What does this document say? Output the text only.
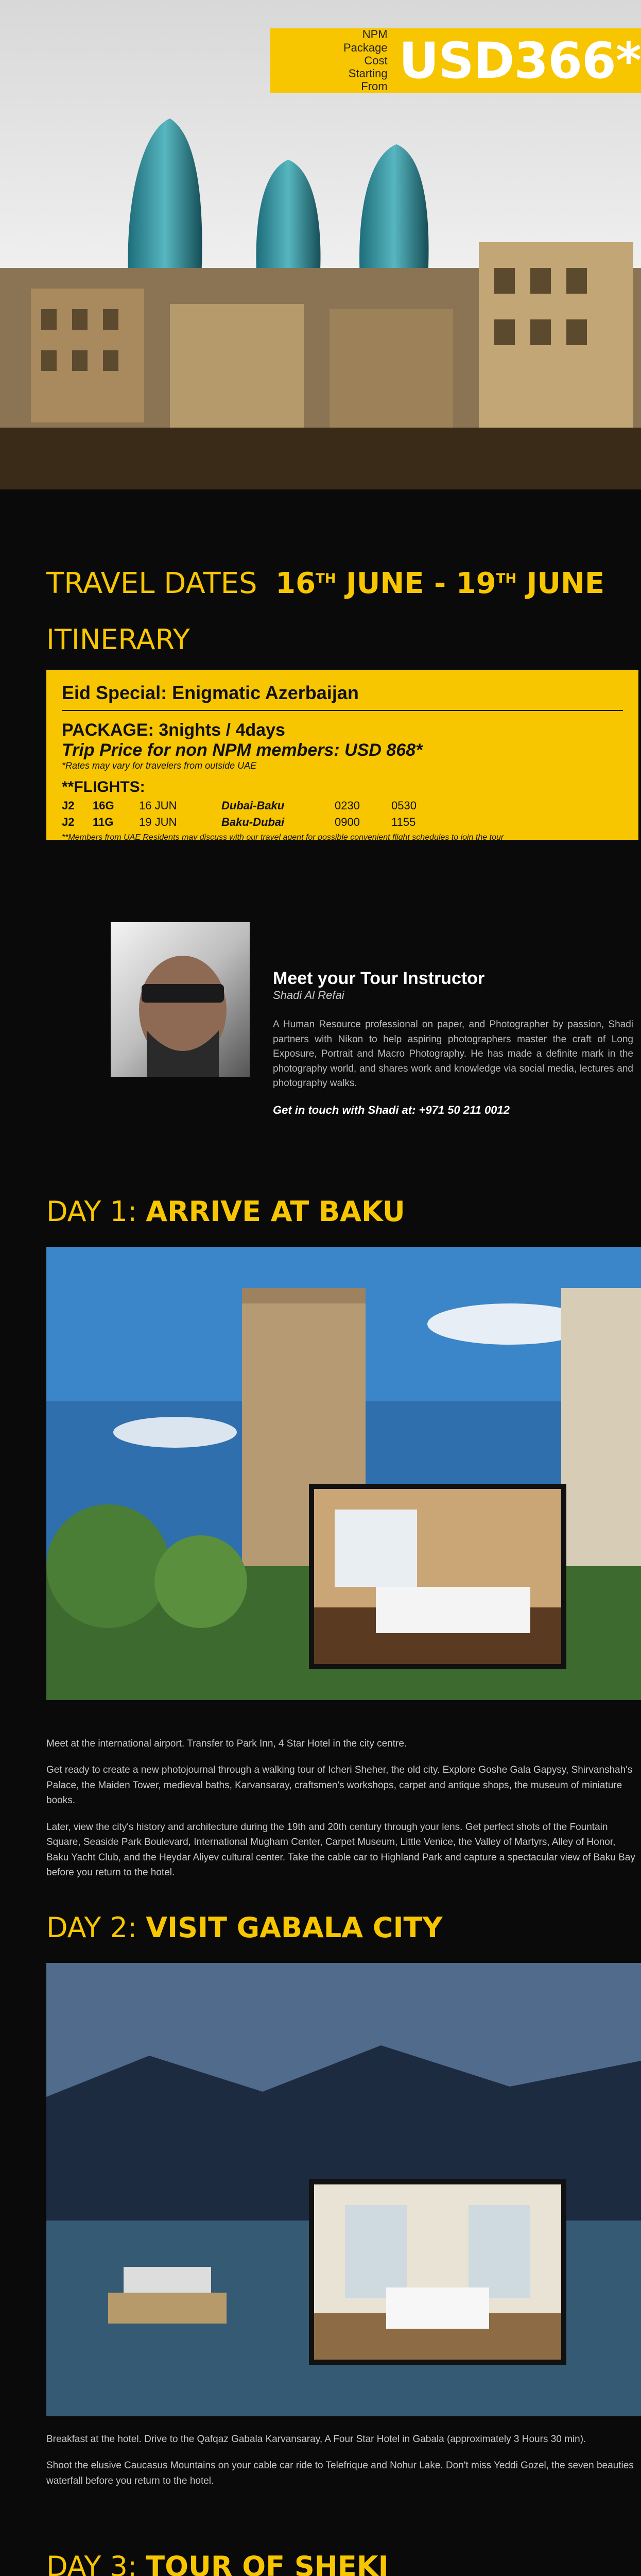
NPM
Package Cost
Starting From USD366*
TRAVEL DATES 16TH JUNE - 19TH JUNE
ITINERARY
Eid Special: Enigmatic Azerbaijan
PACKAGE: 3nights / 4days
Trip Price for non NPM members: USD 868*
*Rates may vary for travelers from outside UAE
**FLIGHTS:
J2	16G	16 JUN	Dubai-Baku	0230	0530
J2	11G	19 JUN	Baku-Dubai	0900	1155
**Members from UAE Residents may discuss with our travel agent for possible convenient flight schedules to join the tour
Meet your Tour Instructor
Shadi Al Refai
A Human Resource professional on paper, and Photographer by passion, Shadi partners with Nikon to help aspiring photographers master the craft of Long Exposure, Portrait and Macro Photography. He has made a definite mark in the photography world, and shares work and knowledge via social media, lectures and photography walks.
Get in touch with Shadi at: +971 50 211 0012
DAY 1: ARRIVE AT BAKU

Meet at the international airport. Transfer to Park Inn, 4 Star Hotel in the city centre.

Get ready to create a new photojournal through a walking tour of Icheri Sheher, the old city. Explore Goshe Gala Gapysy, Shirvanshah's Palace, the Maiden Tower, medieval baths, Karvansaray, craftsmen's workshops, carpet and antique shops, the museum of miniature books.

Later, view the city's history and architecture during the 19th and 20th century through your lens. Get perfect shots of the Fountain Square, Seaside Park Boulevard, International Mugham Center, Carpet Museum, Little Venice, the Valley of Martyrs, Alley of Honor, Baku Yacht Club, and the Heydar Aliyev cultural center. Take the cable car to Highland Park and capture a spectacular view of Baku Bay before you return to the hotel.

DAY 2: VISIT GABALA CITY

Breakfast at the hotel. Drive to the Qafqaz Gabala Karvansaray, A Four Star Hotel in Gabala (approximately 3 Hours 30 min).

Shoot the elusive Caucasus Mountains on your cable car ride to Telefrique and Nohur Lake. Don't miss Yeddi Gozel, the seven beauties waterfall before you return to the hotel.

DAY 3: TOUR OF SHEKI
